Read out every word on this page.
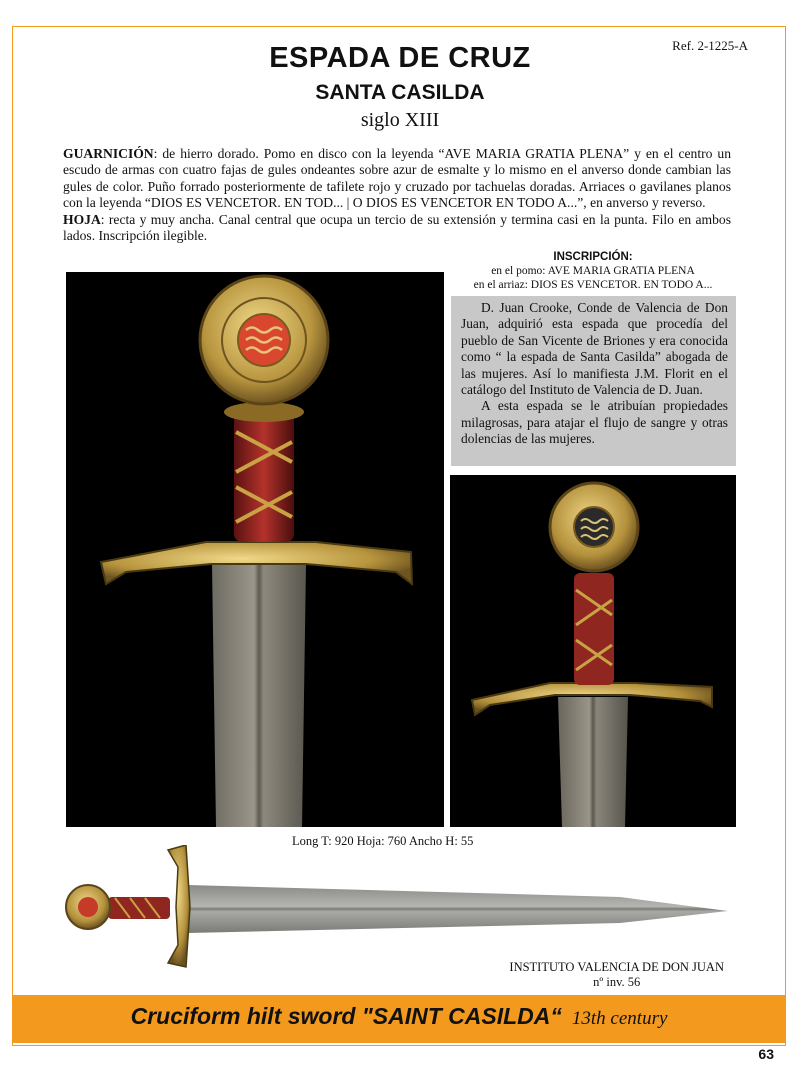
Ref. 2-1225-A
ESPADA DE CRUZ
SANTA CASILDA
siglo XIII

GUARNICIÓN: de hierro dorado. Pomo en disco con la leyenda “AVE MARIA GRATIA PLENA” y en el centro un escudo de armas con cuatro fajas de gules ondeantes sobre azur de esmalte y lo mismo en el anverso donde cambian las gules de color. Puño forrado posteriormente de tafilete rojo y cruzado por tachuelas doradas. Arriaces o gavilanes planos con la leyenda “DIOS ES VENCETOR. EN TOD... | O DIOS ES VENCETOR EN TODO A...”, en anverso y reverso.

HOJA: recta y muy ancha. Canal central que ocupa un tercio de su extensión y termina casi en la punta. Filo en ambos lados. Inscripción ilegible.

INSCRIPCIÓN:
en el pomo: AVE MARIA GRATIA PLENA
en el arriaz: DIOS ES VENCETOR. EN TODO A...

D. Juan Crooke, Conde de Valencia de Don Juan, adquirió esta espada que procedía del pueblo de San Vicente de Briones y era conocida como “ la espada de Santa Casilda” abogada de las mujeres. Así lo manifiesta J.M. Florit en el catálogo del Instituto de Valencia de D. Juan.

A esta espada se le atribuían propiedades milagrosas, para atajar el flujo de sangre y otras dolencias de las mujeres.

Long T: 920 Hoja: 760 Ancho H: 55
INSTITUTO VALENCIA DE DON JUAN
nº inv. 56
Cruciform hilt sword "SAINT CASILDA“ 13th century
63
